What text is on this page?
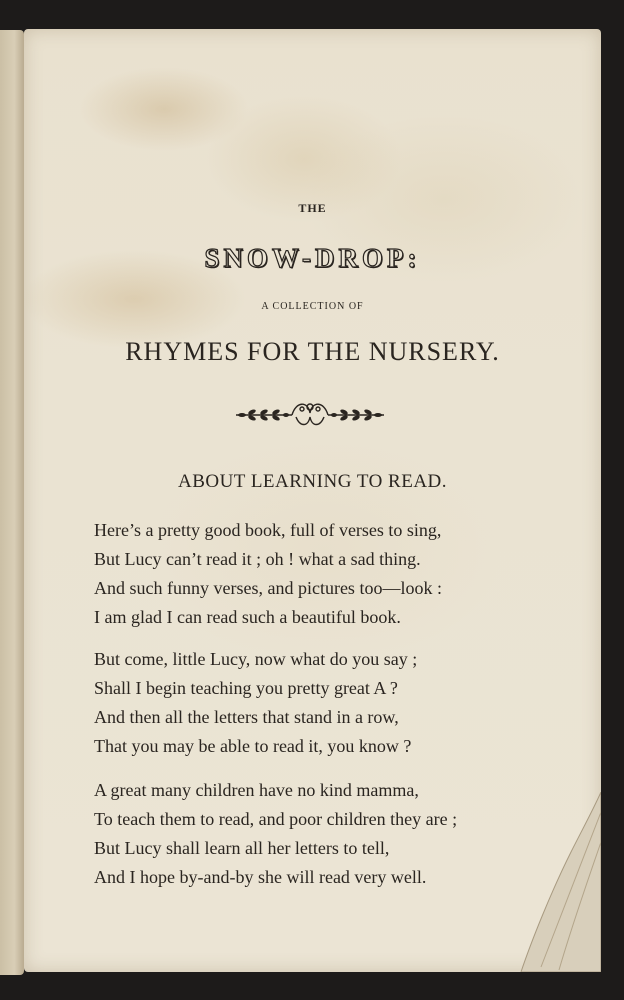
THE
SNOW-DROP:
A COLLECTION OF
RHYMES FOR THE NURSERY.
ABOUT LEARNING TO READ.
Here’s a pretty good book, full of verses to sing,
But Lucy can’t read it ; oh ! what a sad thing.
And such funny verses, and pictures too—look :
I am glad I can read such a beautiful book.
But come, little Lucy, now what do you say ;
Shall I begin teaching you pretty great A ?
And then all the letters that stand in a row,
That you may be able to read it, you know ?
A great many children have no kind mamma,
To teach them to read, and poor children they are ;
But Lucy shall learn all her letters to tell,
And I hope by-and-by she will read very well.
